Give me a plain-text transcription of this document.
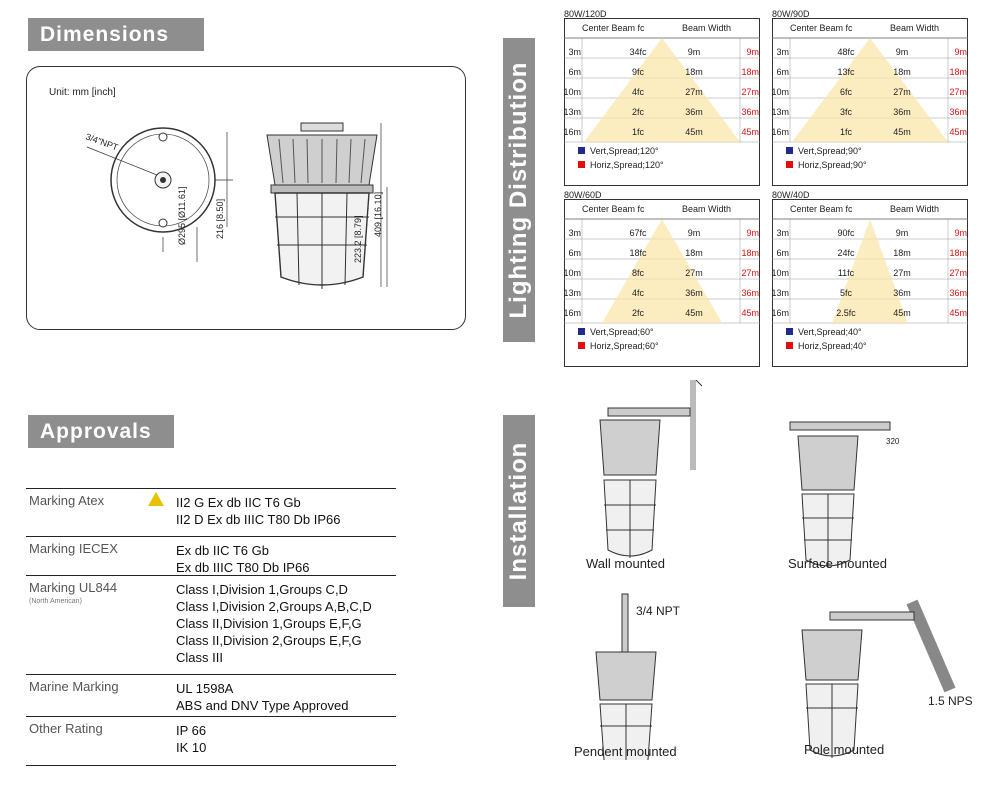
Dimensions
Unit: mm [inch]
3/4"NPT
Ø295 [Ø11.61]
216 [8.50]
223.2 [8.79] 409 [16.10]
Approvals
Marking Atex	II2 G Ex db IIC T6 Gb
II2 D Ex db IIIC T80 Db IP66
Marking IECEX	Ex db IIC T6 Gb
Ex db IIIC T80 Db IP66
Marking UL844
(North American)
Class I,Division 1,Groups C,D
Class I,Division 2,Groups A,B,C,D
Class II,Division 1,Groups E,F,G
Class II,Division 2,Groups E,F,G
Class III
Marine Marking	UL 1598A
ABS and DNV Type Approved
Other Rating	IP 66
IK 10
Lighting Distribution
80W/120D
Center Beam fc	Beam Width
3m	34fc	9m	9m
6m	9fc	18m	18m
10m	4fc	27m	27m
13m	2fc	36m	36m
16m	1fc	45m	45m
Vert,Spread;120°
Horiz,Spread;120°
80W/90D
Center Beam fc	Beam Width
3m	48fc	9m	9m
6m	13fc	18m	18m
10m	6fc	27m	27m
13m	3fc	36m	36m
16m	1fc	45m	45m
Vert,Spread;90°
Horiz,Spread;90°
80W/60D
Center Beam fc	Beam Width
3m	67fc	9m	9m
6m	18fc	18m	18m
10m	8fc	27m	27m
13m	4fc	36m	36m
16m	2fc	45m	45m
Vert,Spread;60°
Horiz,Spread;60°
80W/40D
Center Beam fc	Beam Width
3m	90fc	9m	9m
6m	24fc	18m	18m
10m	11fc	27m	27m
13m	5fc	36m	36m
16m	2.5fc	45m	45m
Vert,Spread;40°
Horiz,Spread;40°
Installation	Wall mounted	Surface mounted
320
3/4 NPT
Pendent mounted
1.5 NPS
Pole mounted
